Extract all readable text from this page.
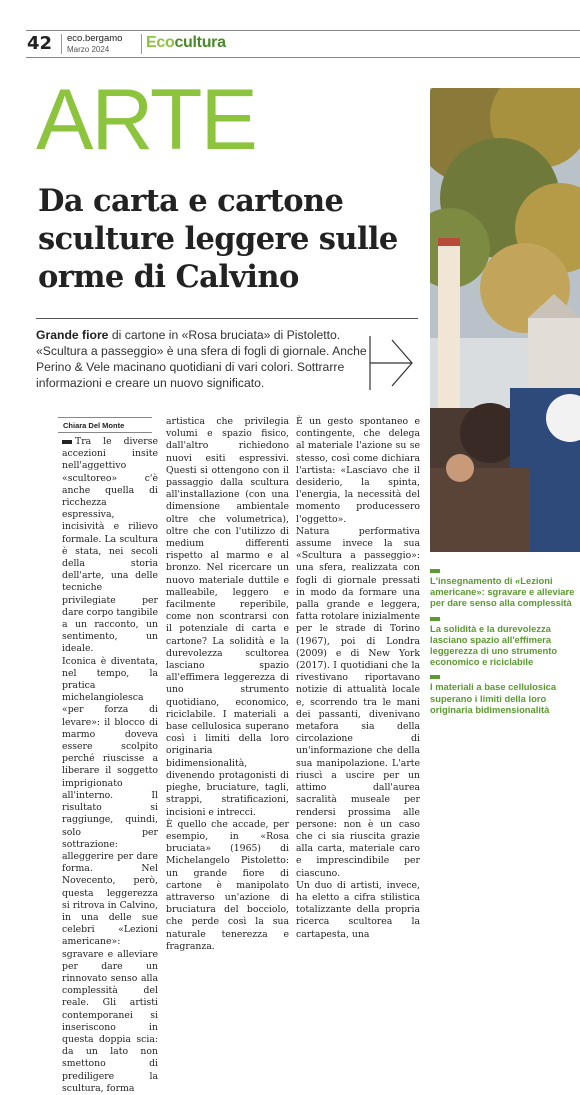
42 eco.bergamo
Marzo 2024	Ecocultura
ARTE
Da carta e cartone sculture leggere sulle orme di Calvino
Grande fiore di cartone in «Rosa bruciata» di Pistoletto. «Scultura a passeggio» è una sfera di fogli di giornale. Anche Perino & Vele macinano quotidiani di vari colori. Sottrarre informazioni e creare un nuovo significato.
Chiara Del Monte
Tra le diverse accezioni insite nell'aggettivo «scultoreo» c'è anche quella di ricchezza espressiva, incisività e rilievo formale. La scultura è stata, nei secoli della storia dell'arte, una delle tecniche privilegiate per dare corpo tangibile a un racconto, un sentimento, un ideale.
Iconica è diventata, nel tempo, la pratica michelangiolesca «per forza di levare»: il blocco di marmo doveva essere scolpito perché riuscisse a liberare il soggetto imprigionato all'interno. Il risultato si raggiunge, quindi, solo per sottrazione: alleggerire per dare forma. Nel Novecento, però, questa leggerezza si ritrova in Calvino, in una delle sue celebri «Lezioni americane»: sgravare e alleviare per dare un rinnovato senso alla complessità del reale. Gli artisti contemporanei si inseriscono in questa doppia scia: da un lato non smettono di prediligere la scultura, forma
artistica che privilegia volumi e spazio fisico, dall'altro richiedono nuovi esiti espressivi. Questi si ottengono con il passaggio dalla scultura all'installazione (con una dimensione ambientale oltre che volumetrica), oltre che con l'utilizzo di medium differenti rispetto al marmo e al bronzo. Nel ricercare un nuovo materiale duttile e malleabile, leggero e facilmente reperibile, come non scontrarsi con il potenziale di carta e cartone? La solidità e la durevolezza scultorea lasciano spazio all'effimera leggerezza di uno strumento quotidiano, economico, riciclabile. I materiali a base cellulosica superano così i limiti della loro originaria bidimensionalità, divenendo protagonisti di pieghe, bruciature, tagli, strappi, stratificazioni, incisioni e intrecci.
È quello che accade, per esempio, in «Rosa bruciata» (1965) di Michelangelo Pistoletto: un grande fiore di cartone è manipolato attraverso un'azione di bruciatura del bocciolo, che perde così la sua naturale tenerezza e fragranza.
È un gesto spontaneo e contingente, che delega al materiale l'azione su se stesso, così come dichiara l'artista: «Lasciavo che il desiderio, la spinta, l'energia, la necessità del momento producessero l'oggetto».
Natura performativa assume invece la sua «Scultura a passeggio»: una sfera, realizzata con fogli di giornale pressati in modo da formare una palla grande e leggera, fatta rotolare inizialmente per le strade di Torino (1967), poi di Londra (2009) e di New York (2017). I quotidiani che la rivestivano riportavano notizie di attualità locale e, scorrendo tra le mani dei passanti, divenivano metafora sia della circolazione di un'informazione che della sua manipolazione. L'arte riuscì a uscire per un attimo dall'aurea sacralità museale per rendersi prossima alle persone: non è un caso che ci sia riuscita grazie alla carta, materiale caro e imprescindibile per ciascuno.
Un duo di artisti, invece, ha eletto a cifra stilistica totalizzante della propria ricerca scultorea la cartapesta, una
L'insegnamento di «Lezioni americane»: sgravare e alleviare per dare senso alla complessità
La solidità e la durevolezza lasciano spazio all'effimera leggerezza di uno strumento economico e riciclabile
I materiali a base cellulosica superano i limiti della loro originaria bidimensionalità
